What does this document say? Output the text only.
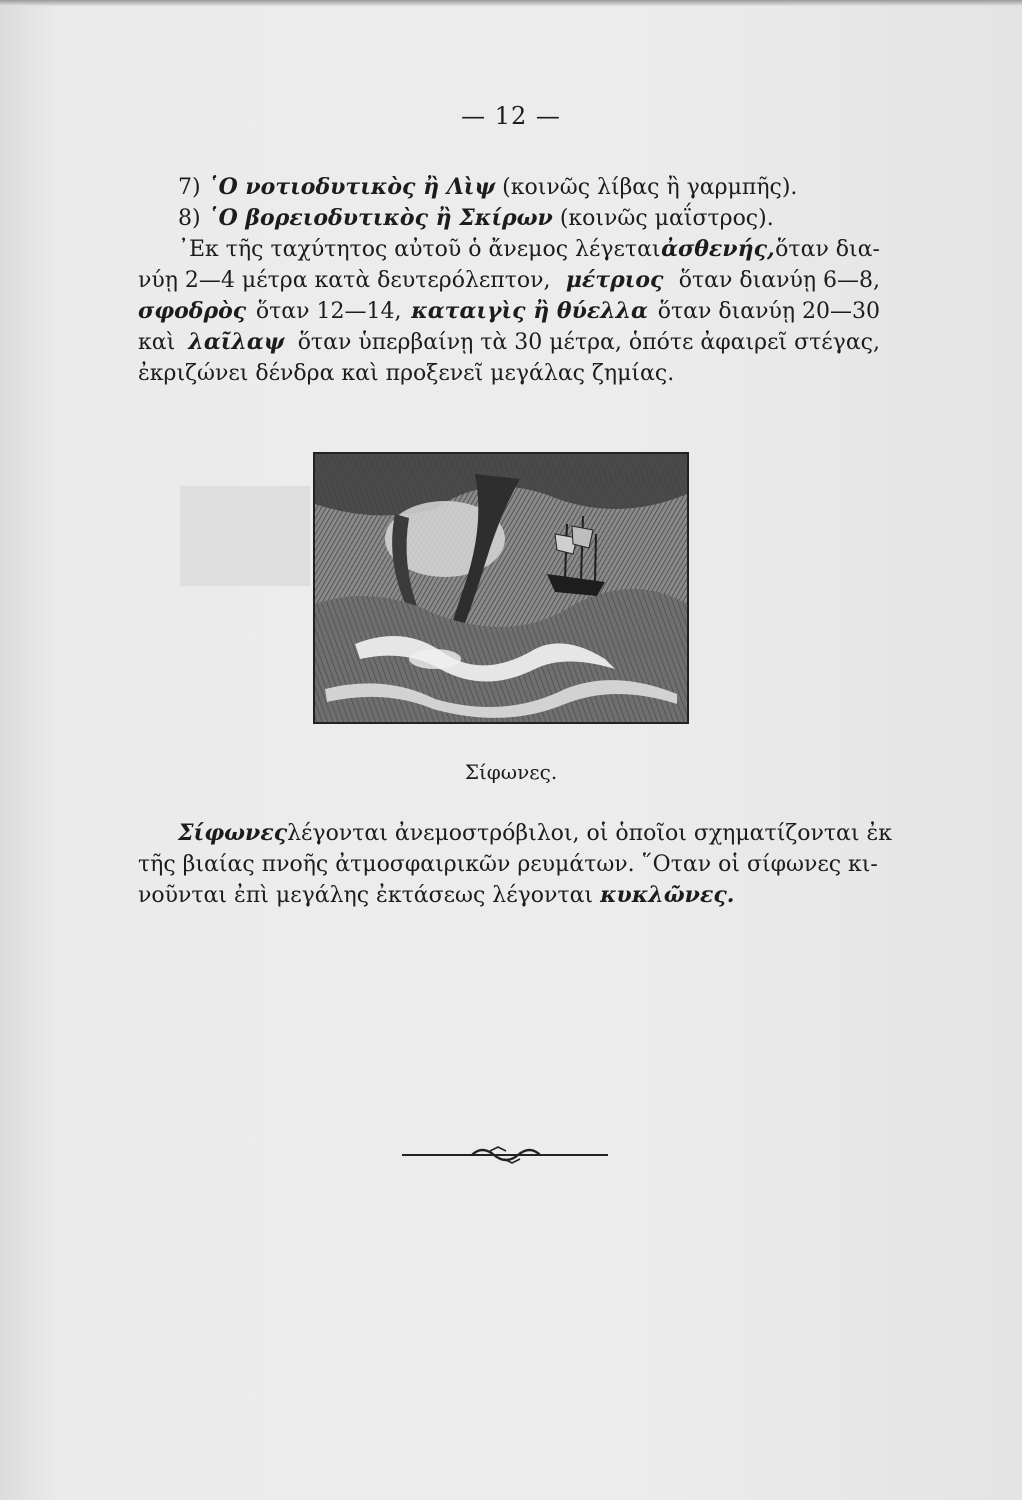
— 12 —
7) ῾Ο νοτιοδυτικὸς ἢ Λὶψ (κοινῶς λίβας ἢ γαρμπῆς).
8) ῾Ο βορειοδυτικὸς ἢ Σκίρων (κοινῶς μαΐστρος).
᾿Εκ τῆς ταχύτητος αὐτοῦ ὁ ἄνεμος λέγεται ἀσθενής, ὅταν δια-
νύῃ 2—4 μέτρα κατὰ δευτερόλεπτον, μέτριος ὅταν διανύῃ 6—8,
σφοδρὸς ὅταν 12—14, καταιγὶς ἢ θύελλα ὅταν διανύῃ 20—30
καὶ λαῖλαψ ὅταν ὑπερβαίνῃ τὰ 30 μέτρα, ὁπότε ἀφαιρεῖ στέγας,
ἐκριζώνει δένδρα καὶ προξενεῖ μεγάλας ζημίας.
Σίφωνες.
Σίφωνες λέγονται ἀνεμοστρόβιλοι, οἱ ὁποῖοι σχηματίζονται ἐκ
τῆς βιαίας πνοῆς ἀτμοσφαιρικῶν ρευμάτων. ῞Οταν οἱ σίφωνες κι-
νοῦνται ἐπὶ μεγάλης ἐκτάσεως λέγονται κυκλῶνες.
